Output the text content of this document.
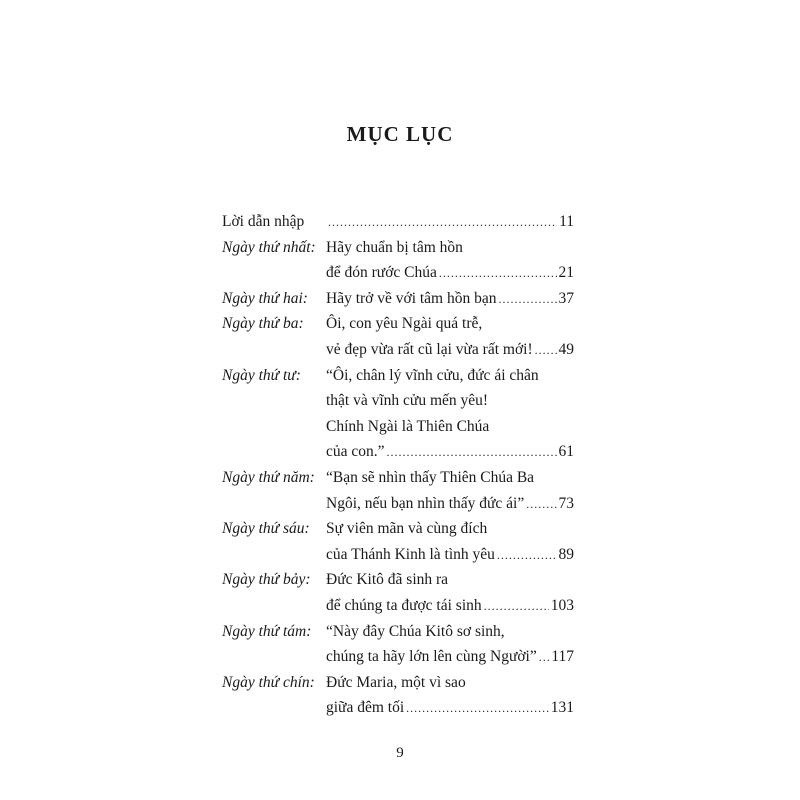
MỤC LỤC
Lời dẫn nhập .....	11
Ngày thứ nhất: Hãy chuẩn bị tâm hồn
để đón rước Chúa .....	21
Ngày thứ hai:	Hãy trở về với tâm hồn bạn .....	37
Ngày thứ ba:	Ôi, con yêu Ngài quá trễ,
vẻ đẹp vừa rất cũ lại vừa rất mới! ..... 49
Ngày thứ tư:	“Ôi, chân lý vĩnh cửu, đức ái chân
thật và vĩnh cửu mến yêu!
Chính Ngài là Thiên Chúa
của con.” .....	61
Ngày thứ năm: “Bạn sẽ nhìn thấy Thiên Chúa Ba
Ngôi, nếu bạn nhìn thấy đức ái” ..... 73
Ngày thứ sáu:	Sự viên mãn và cùng đích
của Thánh Kinh là tình yêu .....	89
Ngày thứ bảy: Đức Kitô đã sinh ra
để chúng ta được tái sinh .....	103
Ngày thứ tám: “Này đây Chúa Kitô sơ sinh,
chúng ta hãy lớn lên cùng Người” ..... 117
Ngày thứ chín: Đức Maria, một vì sao
giữa đêm tối .....	131
9
